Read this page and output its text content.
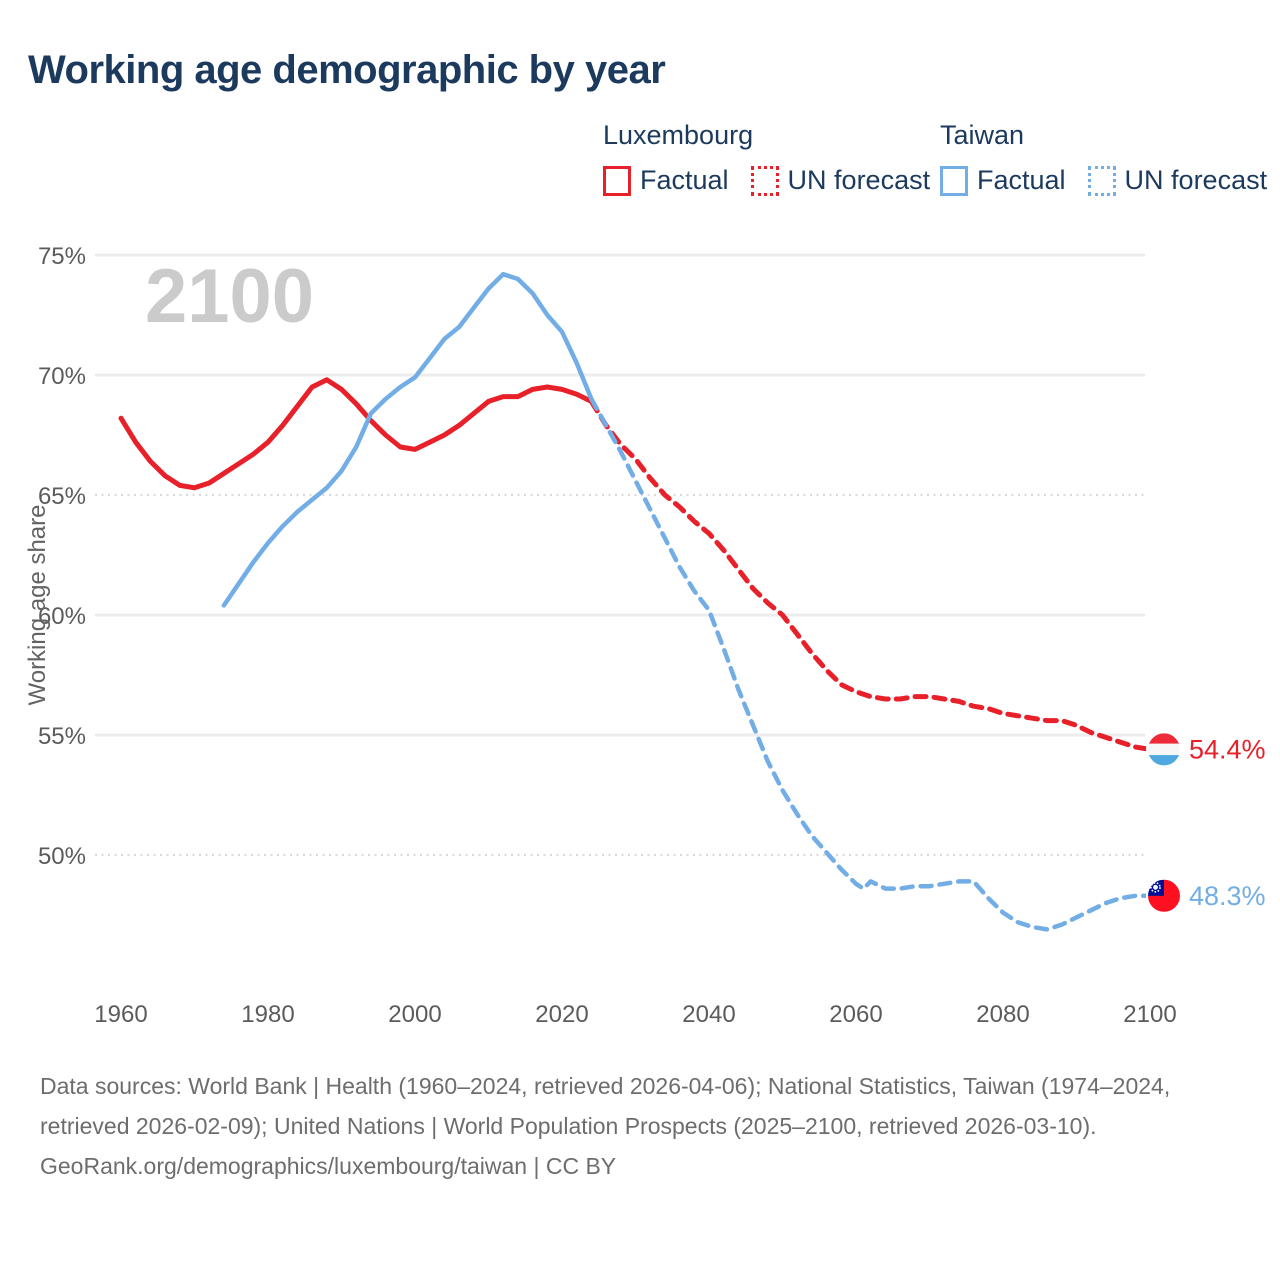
Working age demographic by year
Luxembourg
Factual UN forecast
Taiwan
Factual UN forecast
2100
75%
70%
65%
60%
55%
50%
1960	1980	2000	2020	2040	2060	2080	2100
Working age share
54.4%
48.3%
Data sources: World Bank | Health (1960–2024, retrieved 2026-04-06); National Statistics, Taiwan (1974–2024, retrieved 2026-02-09); United Nations | World Population Prospects (2025–2100, retrieved 2026-03-10).
GeoRank.org/demographics/luxembourg/taiwan | CC BY
